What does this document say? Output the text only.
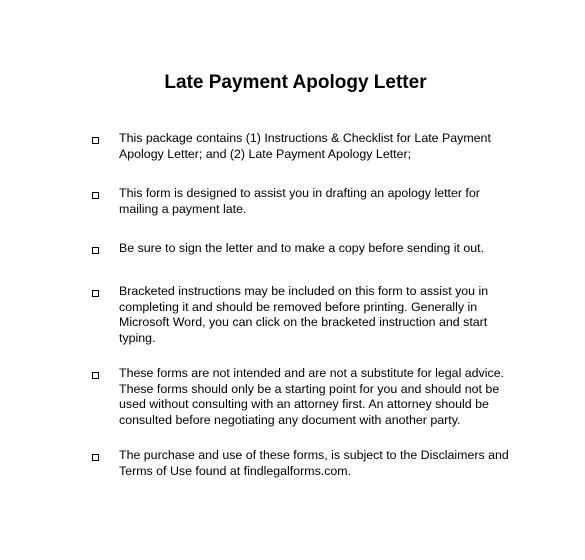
Late Payment Apology Letter
This package contains (1) Instructions & Checklist for Late Payment
Apology Letter; and (2) Late Payment Apology Letter;
This form is designed to assist you in drafting an apology letter for
mailing a payment late.
Be sure to sign the letter and to make a copy before sending it out.
Bracketed instructions may be included on this form to assist you in
completing it and should be removed before printing. Generally in
Microsoft Word, you can click on the bracketed instruction and start
typing.
These forms are not intended and are not a substitute for legal advice.
These forms should only be a starting point for you and should not be
used without consulting with an attorney first. An attorney should be
consulted before negotiating any document with another party.
The purchase and use of these forms, is subject to the Disclaimers and
Terms of Use found at findlegalforms.com.
